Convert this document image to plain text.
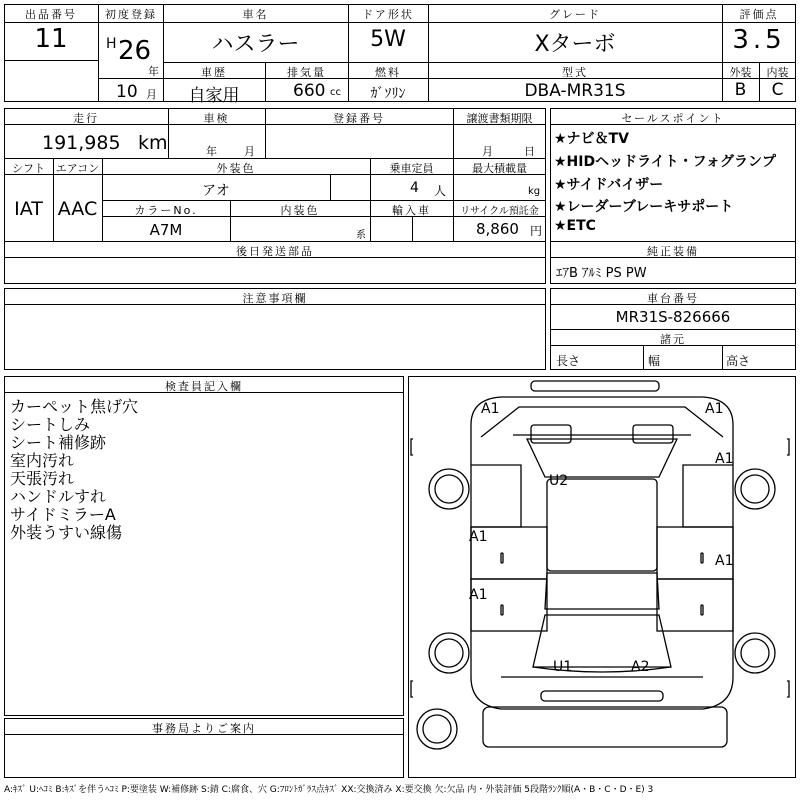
出品番号
11
初度登録
H 26
年
10 月
車名
ハスラー
ドア形状
5W
グレード
Xターボ
車歴
自家用
排気量
660 cc
燃料
ｶﾞｿﾘﾝ
型式
DBA-MR31S
評価点
3.5
外装	内装
B	C
走行
191,985 km
車検
年 月
登録番号	譲渡書類期限
月	日
シフト
IAT
エアコン
AAC
外装色
アオ
乗車定員
4 人
最大積載量
kg
カラーNo.
A7M
内装色
系
輸入車	リサイクル預託金
8,860 円
後日発送部品
セールスポイント
★ナビ＆TV
★HIDヘッドライト・フォグランプ
★サイドバイザー
★レーダーブレーキサポート
★ETC
純正装備
ｴｱB ｱﾙﾐ PS PW
注意事項欄	車台番号
MR31S-826666
諸元
長さ	幅	高さ
検査員記入欄
カーペット焦げ穴
シートしみ
シート補修跡
室内汚れ
天張汚れ
ハンドルすれ
サイドミラーA
外装うすい線傷
事務局よりご案内
A1	A1
A1
U2
A1
A1
A1
U1	A2
A:ｷｽﾞ U:ﾍｺﾐ B:ｷｽﾞを伴うﾍｺﾐ P:要塗装 W:補修跡 S:錆 C:腐食、穴 G:ﾌﾛﾝﾄｶﾞﾗｽ点ｷｽﾞ XX:交換済み X:要交換 欠:欠品 内・外装評価 5段階ﾗﾝｸ順(A・B・C・D・E) 3
